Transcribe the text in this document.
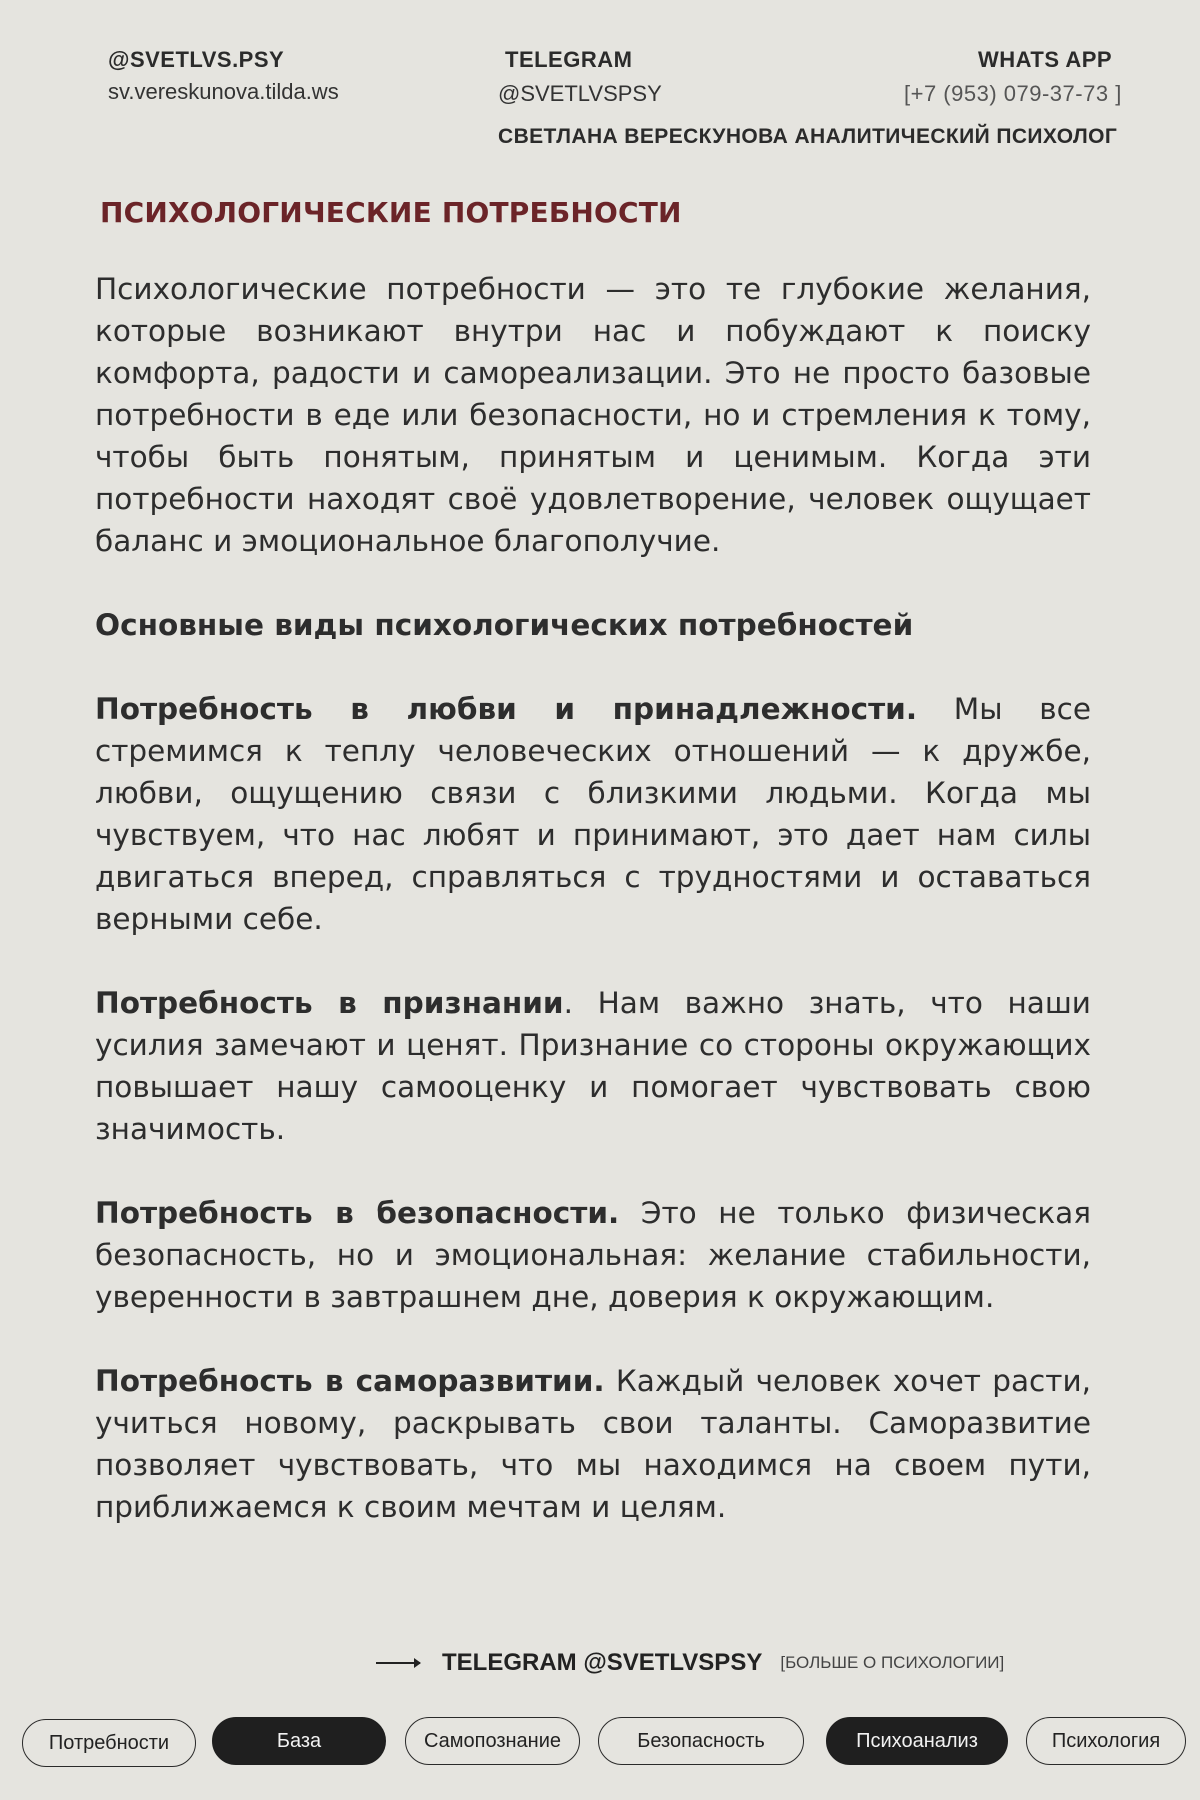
@SVETLVS.PSY
sv.vereskunova.tilda.ws
TELEGRAM
@SVETLVSPSY
WHATS APP
[+7 (953) 079-37-73 ]
СВЕТЛАНА ВЕРЕСКУНОВА АНАЛИТИЧЕСКИЙ ПСИХОЛОГ
ПСИХОЛОГИЧЕСКИЕ ПОТРЕБНОСТИ

Психологические потребности — это те глубокие желания, которые возникают внутри нас и побуждают к поиску комфорта, радости и самореализации. Это не просто базовые потребности в еде или безопасности, но и стремления к тому, чтобы быть понятым, принятым и ценимым. Когда эти потребности находят своё удовлетворение, человек ощущает баланс и эмоциональное благополучие.

Основные виды психологических потребностей

Потребность в любви и принадлежности. Мы все стремимся к теплу человеческих отношений — к дружбе, любви, ощущению связи с близкими людьми. Когда мы чувствуем, что нас любят и принимают, это дает нам силы двигаться вперед, справляться с трудностями и оставаться верными себе.

Потребность в признании. Нам важно знать, что наши усилия замечают и ценят. Признание со стороны окружающих повышает нашу самооценку и помогает чувствовать свою значимость.

Потребность в безопасности. Это не только физическая безопасность, но и эмоциональная: желание стабильности, уверенности в завтрашнем дне, доверия к окружающим.

Потребность в саморазвитии. Каждый человек хочет расти, учиться новому, раскрывать свои таланты. Саморазвитие позволяет чувствовать, что мы находимся на своем пути, приближаемся к своим мечтам и целям.

TELEGRAM @SVETLVSPSY [БОЛЬШЕ О ПСИХОЛОГИИ]
Потребности	База	Самопознание	Безопасность	Психоанализ	Психология
